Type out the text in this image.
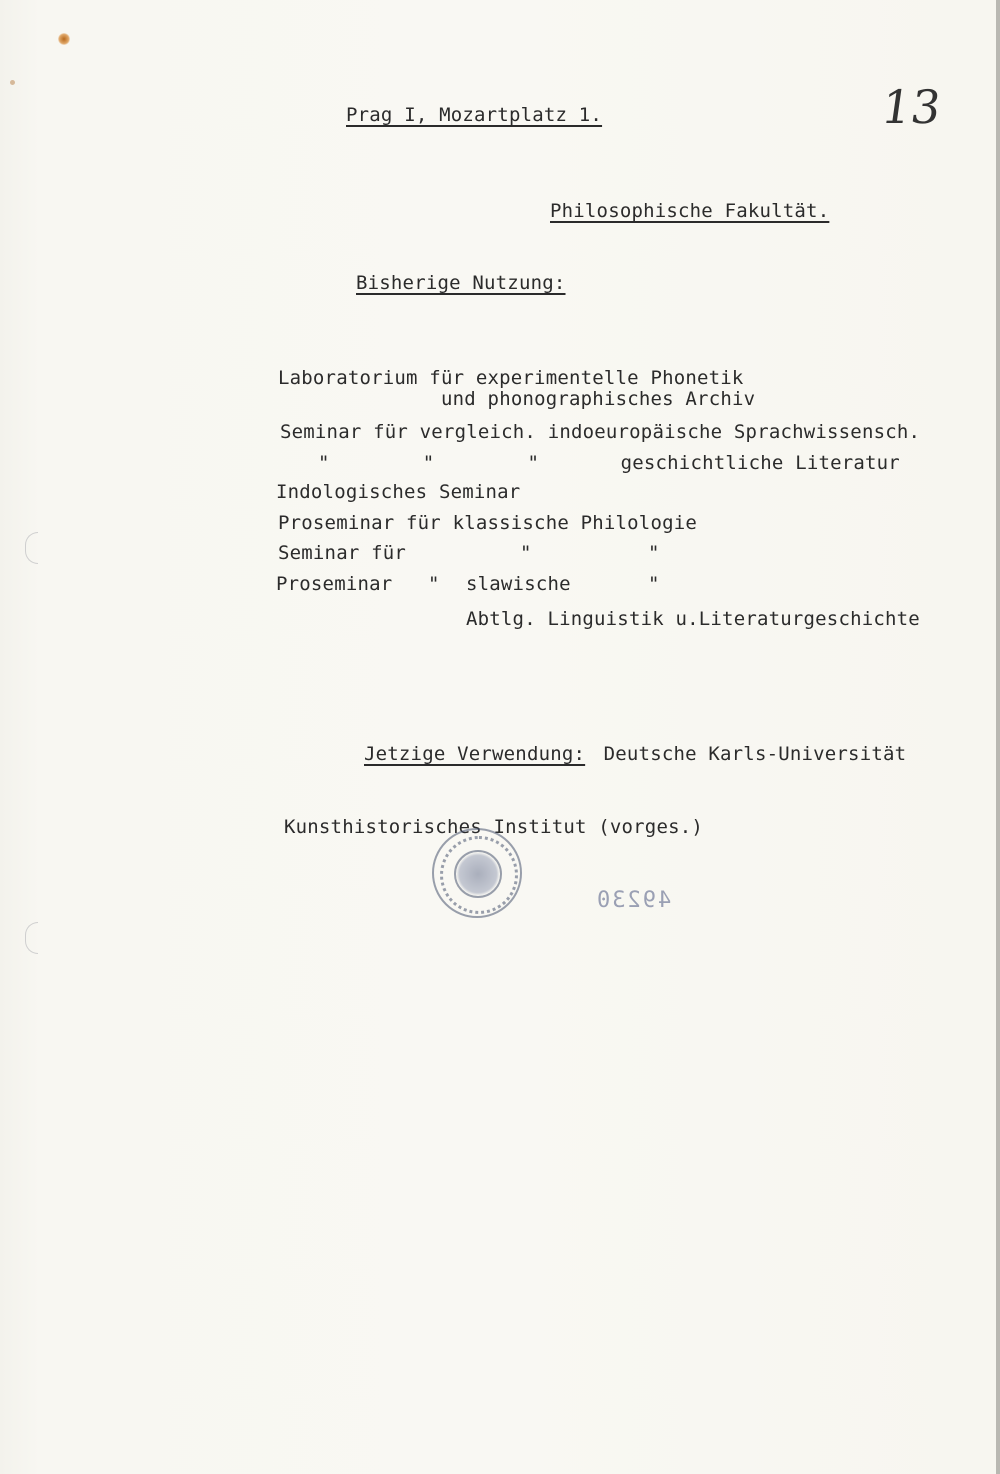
Prag I, Mozartplatz 1.	13
Philosophische Fakultät.
Bisherige Nutzung:
Laboratorium für experimentelle Phonetik
und phonographisches Archiv
Seminar für vergleich. indoeuropäische Sprachwissensch.
"        "        "       geschichtliche Literatur
Indologisches Seminar
Proseminar für klassische Philologie
Seminar für	"	"
Proseminar " slawische	"
Abtlg. Linguistik u.Literaturgeschichte
Jetzige Verwendung: Deutsche Karls-Universität
Kunsthistorisches Institut (vorges.)
49230
